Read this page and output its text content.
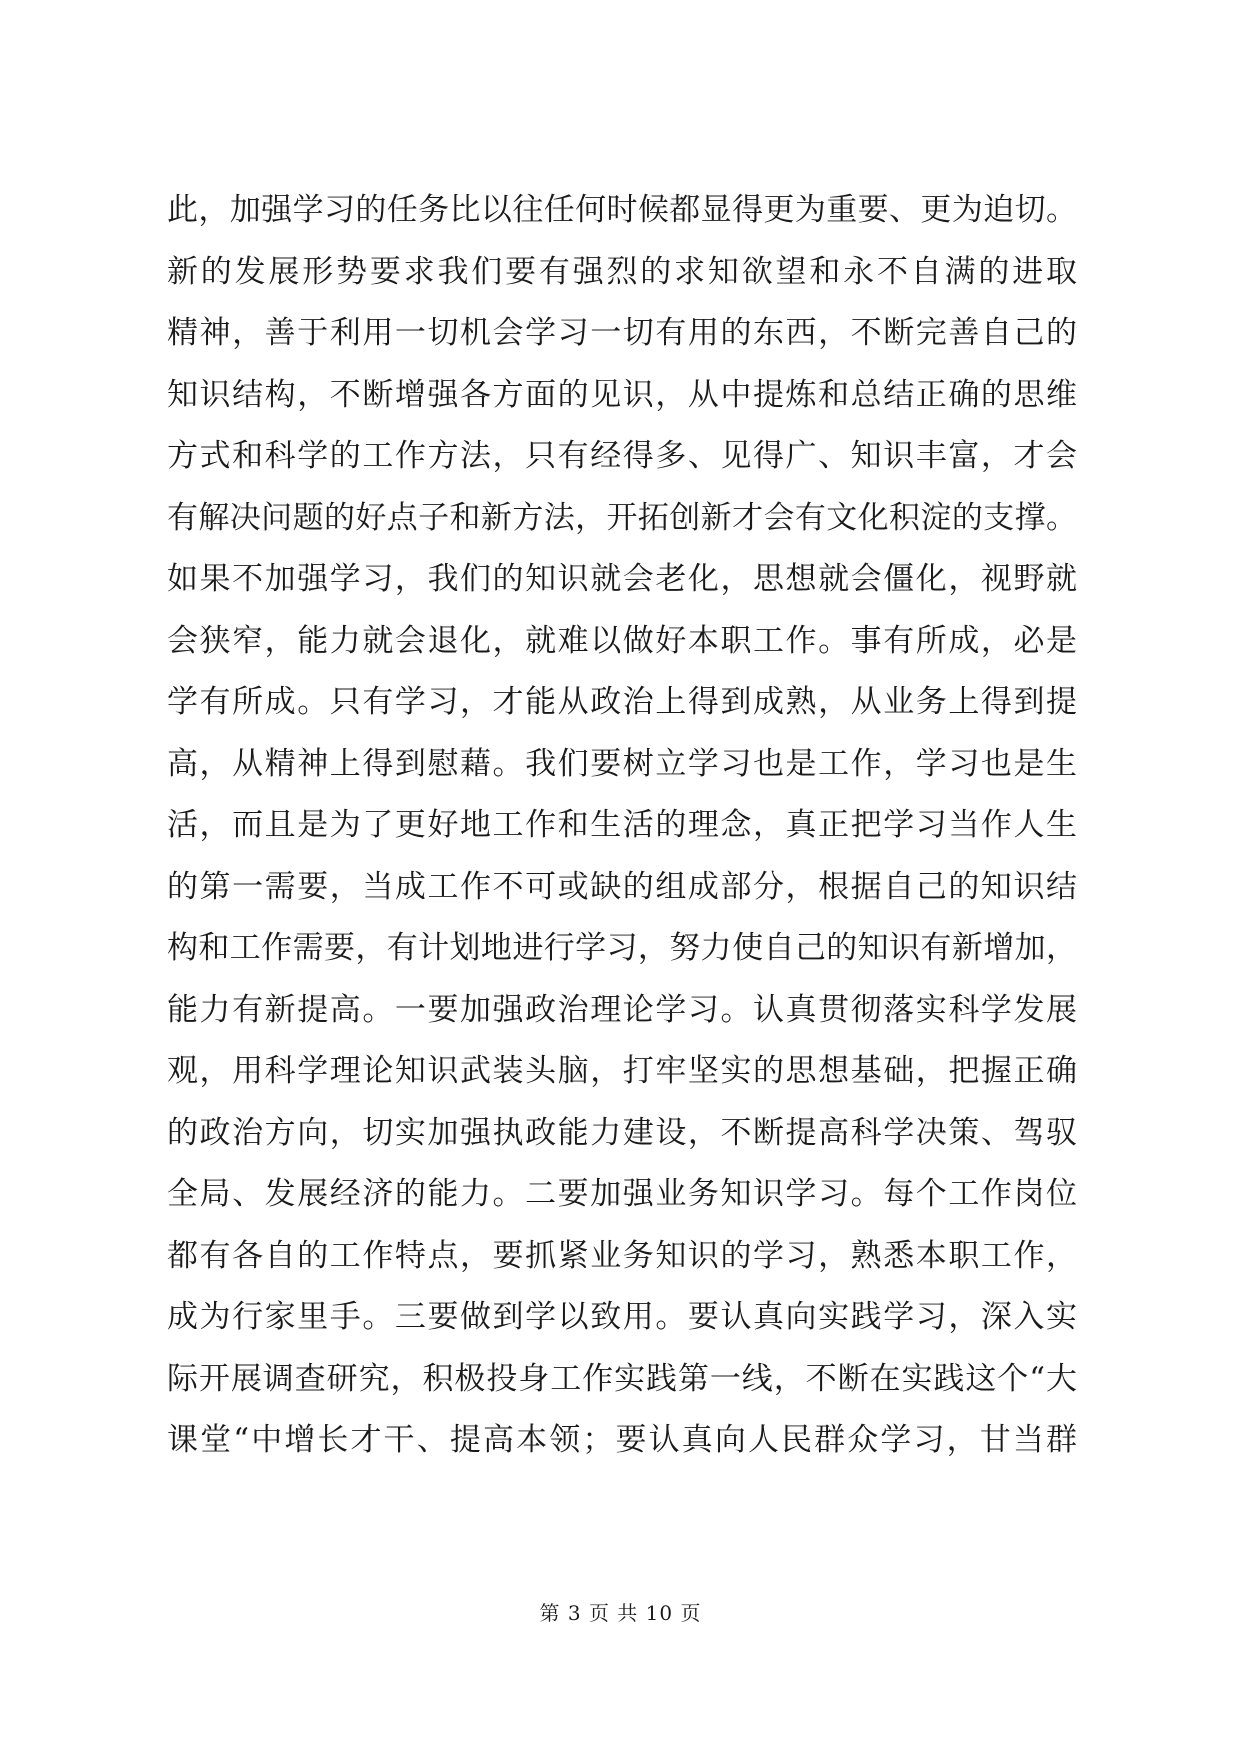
此，加强学习的任务比以往任何时候都显得更为重要、更为迫切。
新的发展形势要求我们要有强烈的求知欲望和永不自满的进取
精神，善于利用一切机会学习一切有用的东西，不断完善自己的
知识结构，不断增强各方面的见识，从中提炼和总结正确的思维
方式和科学的工作方法，只有经得多、见得广、知识丰富，才会
有解决问题的好点子和新方法，开拓创新才会有文化积淀的支撑。
如果不加强学习，我们的知识就会老化，思想就会僵化，视野就
会狭窄，能力就会退化，就难以做好本职工作。事有所成，必是
学有所成。只有学习，才能从政治上得到成熟，从业务上得到提
高，从精神上得到慰藉。我们要树立学习也是工作，学习也是生
活，而且是为了更好地工作和生活的理念，真正把学习当作人生
的第一需要，当成工作不可或缺的组成部分，根据自己的知识结
构和工作需要，有计划地进行学习，努力使自己的知识有新增加，
能力有新提高。一要加强政治理论学习。认真贯彻落实科学发展
观，用科学理论知识武装头脑，打牢坚实的思想基础，把握正确
的政治方向，切实加强执政能力建设，不断提高科学决策、驾驭
全局、发展经济的能力。二要加强业务知识学习。每个工作岗位
都有各自的工作特点，要抓紧业务知识的学习，熟悉本职工作，
成为行家里手。三要做到学以致用。要认真向实践学习，深入实
际开展调查研究，积极投身工作实践第一线，不断在实践这个“大
课堂“中增长才干、提高本领；要认真向人民群众学习，甘当群
第 3 页 共 10 页
